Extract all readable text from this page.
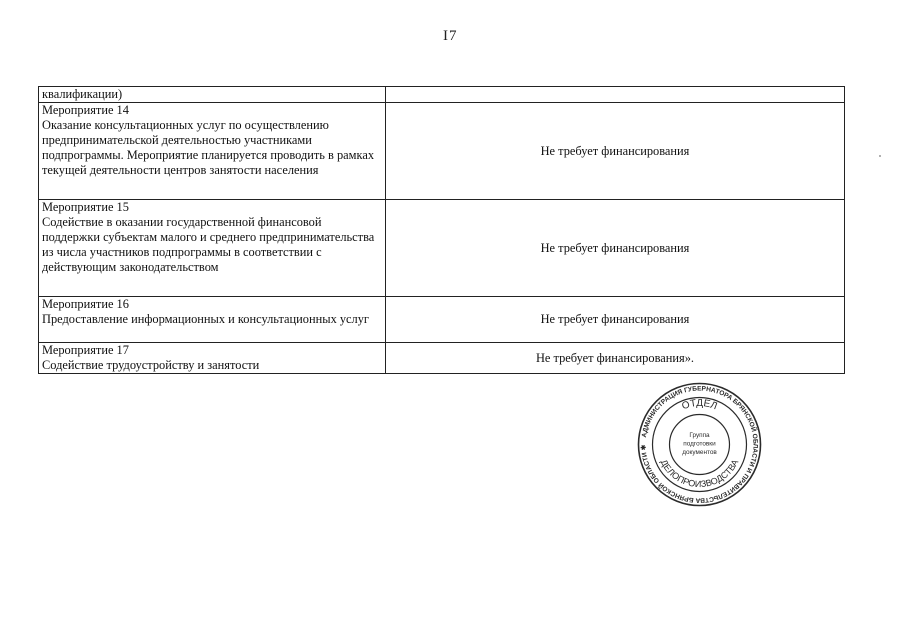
I7
квалификации)	

Мероприятие 14
Оказание консультационных услуг по осуществлению предпринимательской деятельностью участниками подпрограммы. Мероприятие планируется проводить в рамках текущей деятельности центров занятости населения	Не требует финансирования

Мероприятие 15
Содействие в оказании государственной финансовой поддержки субъектам малого и среднего предпринимательства из числа участников подпрограммы в соответствии с действующим законодательством	Не требует финансирования

Мероприятие 16
Предоставление информационных и консультационных услуг	Не требует финансирования

Мероприятие 17
Содействие трудоустройству и занятости	Не требует финансирования».
АДМИНИСТРАЦИЯ ГУБЕРНАТОРА БРЯНСКОЙ ОБЛАСТИ И ПРАВИТЕЛЬСТВА БРЯНСКОЙ ОБЛАСТИ ✱
ОТДЕЛ
ДЕЛОПРОИЗВОДСТВА
Группа
подготовки
документов
